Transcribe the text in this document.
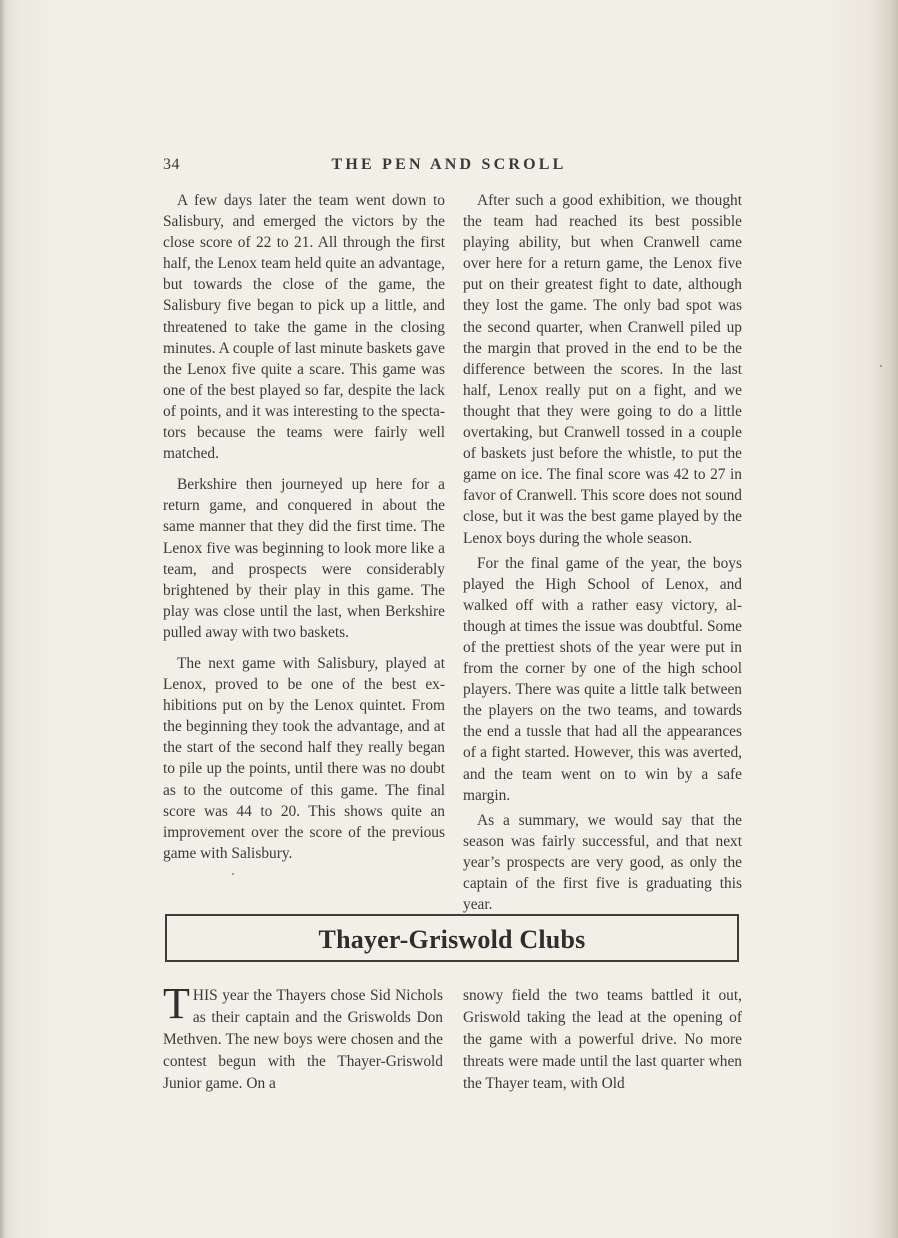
34	THE PEN AND SCROLL

A few days later the team went down to Salisbury, and emerged the victors by the close score of 22 to 21. All through the first half, the Lenox team held quite an advantage, but towards the close of the game, the Salisbury five began to pick up a little, and threatened to take the game in the closing minutes. A couple of last minute baskets gave the Lenox five quite a scare. This game was one of the best played so far, despite the lack of points, and it was interesting to the spectators because the teams were fairly well matched.

Berkshire then journeyed up here for a return game, and conquered in about the same manner that they did the first time. The Lenox five was beginning to look more like a team, and prospects were considerably brightened by their play in this game. The play was close until the last, when Berkshire pulled away with two baskets.

The next game with Salisbury, played at Lenox, proved to be one of the best exhibitions put on by the Lenox quintet. From the beginning they took the advantage, and at the start of the second half they really began to pile up the points, until there was no doubt as to the outcome of this game. The final score was 44 to 20. This shows quite an improvement over the score of the previous game with Salisbury.

After such a good exhibition, we thought the team had reached its best possible playing ability, but when Cranwell came over here for a return game, the Lenox five put on their greatest fight to date, although they lost the game. The only bad spot was the second quarter, when Cranwell piled up the margin that proved in the end to be the difference between the scores. In the last half, Lenox really put on a fight, and we thought that they were going to do a little overtaking, but Cranwell tossed in a couple of baskets just before the whistle, to put the game on ice. The final score was 42 to 27 in favor of Cranwell. This score does not sound close, but it was the best game played by the Lenox boys during the whole season.

For the final game of the year, the boys played the High School of Lenox, and walked off with a rather easy victory, although at times the issue was doubtful. Some of the prettiest shots of the year were put in from the corner by one of the high school players. There was quite a little talk between the players on the two teams, and towards the end a tussle that had all the appearances of a fight started. However, this was averted, and the team went on to win by a safe margin.

As a summary, we would say that the season was fairly successful, and that next year’s prospects are very good, as only the captain of the first five is graduating this year.

Thayer-Griswold Clubs

THIS year the Thayers chose Sid Nichols as their captain and the Griswolds Don Methven. The new boys were chosen and the contest begun with the Thayer-Griswold Junior game. On a

snowy field the two teams battled it out, Griswold taking the lead at the opening of the game with a powerful drive. No more threats were made until the last quarter when the Thayer team, with Old
